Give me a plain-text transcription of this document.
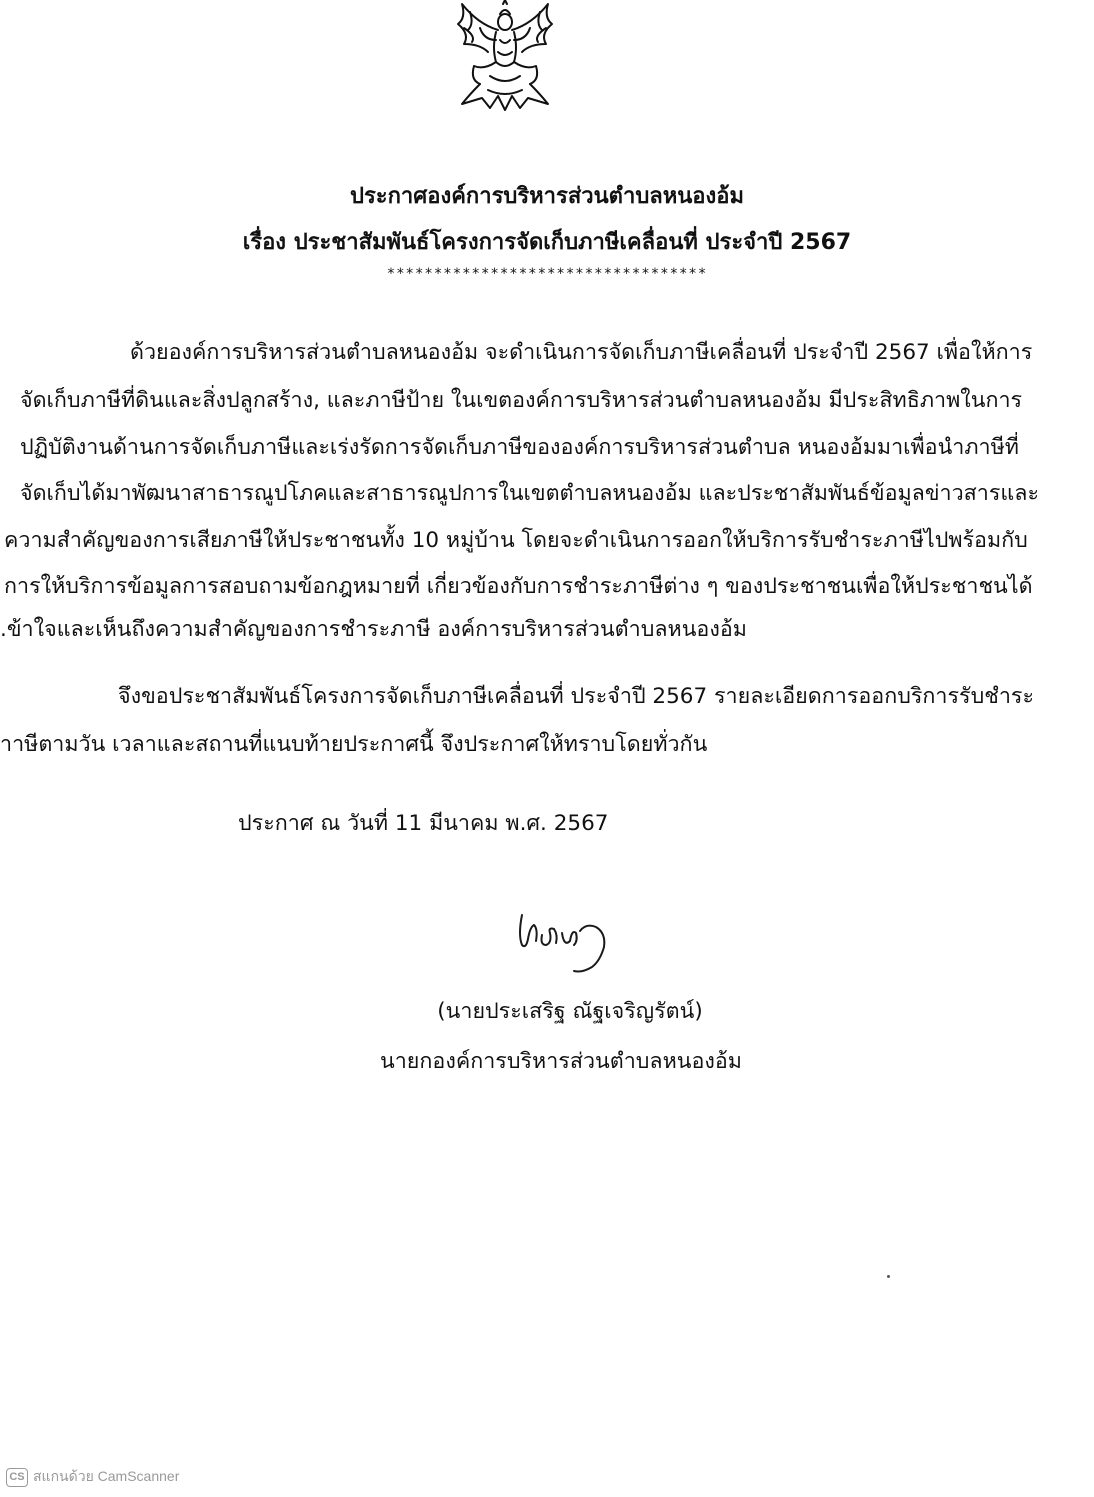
ประกาศองค์การบริหารส่วนตำบลหนองอ้ม
เรื่อง ประชาสัมพันธ์โครงการจัดเก็บภาษีเคลื่อนที่ ประจำปี 2567
**********************************
ด้วยองค์การบริหารส่วนตำบลหนองอ้ม จะดำเนินการจัดเก็บภาษีเคลื่อนที่ ประจำปี 2567 เพื่อให้การ
จัดเก็บภาษีที่ดินและสิ่งปลูกสร้าง, และภาษีป้าย ในเขตองค์การบริหารส่วนตำบลหนองอ้ม มีประสิทธิภาพในการ
ปฏิบัติงานด้านการจัดเก็บภาษีและเร่งรัดการจัดเก็บภาษีขององค์การบริหารส่วนตำบล หนองอ้มมาเพื่อนำภาษีที่
จัดเก็บได้มาพัฒนาสาธารณูปโภคและสาธารณูปการในเขตตำบลหนองอ้ม และประชาสัมพันธ์ข้อมูลข่าวสารและ
ความสำคัญของการเสียภาษีให้ประชาชนทั้ง 10 หมู่บ้าน โดยจะดำเนินการออกให้บริการรับชำระภาษีไปพร้อมกับ
การให้บริการข้อมูลการสอบถามข้อกฎหมายที่ เกี่ยวข้องกับการชำระภาษีต่าง ๆ ของประชาชนเพื่อให้ประชาชนได้
.ข้าใจและเห็นถึงความสำคัญของการชำระภาษี องค์การบริหารส่วนตำบลหนองอ้ม
จึงขอประชาสัมพันธ์โครงการจัดเก็บภาษีเคลื่อนที่ ประจำปี 2567 รายละเอียดการออกบริการรับชำระ
าาษีตามวัน เวลาและสถานที่แนบท้ายประกาศนี้ จึงประกาศให้ทราบโดยทั่วกัน
ประกาศ ณ วันที่ 11 มีนาคม พ.ศ. 2567
(นายประเสริฐ ณัฐเจริญรัตน์)
นายกองค์การบริหารส่วนตำบลหนองอ้ม
CS สแกนด้วย CamScanner
